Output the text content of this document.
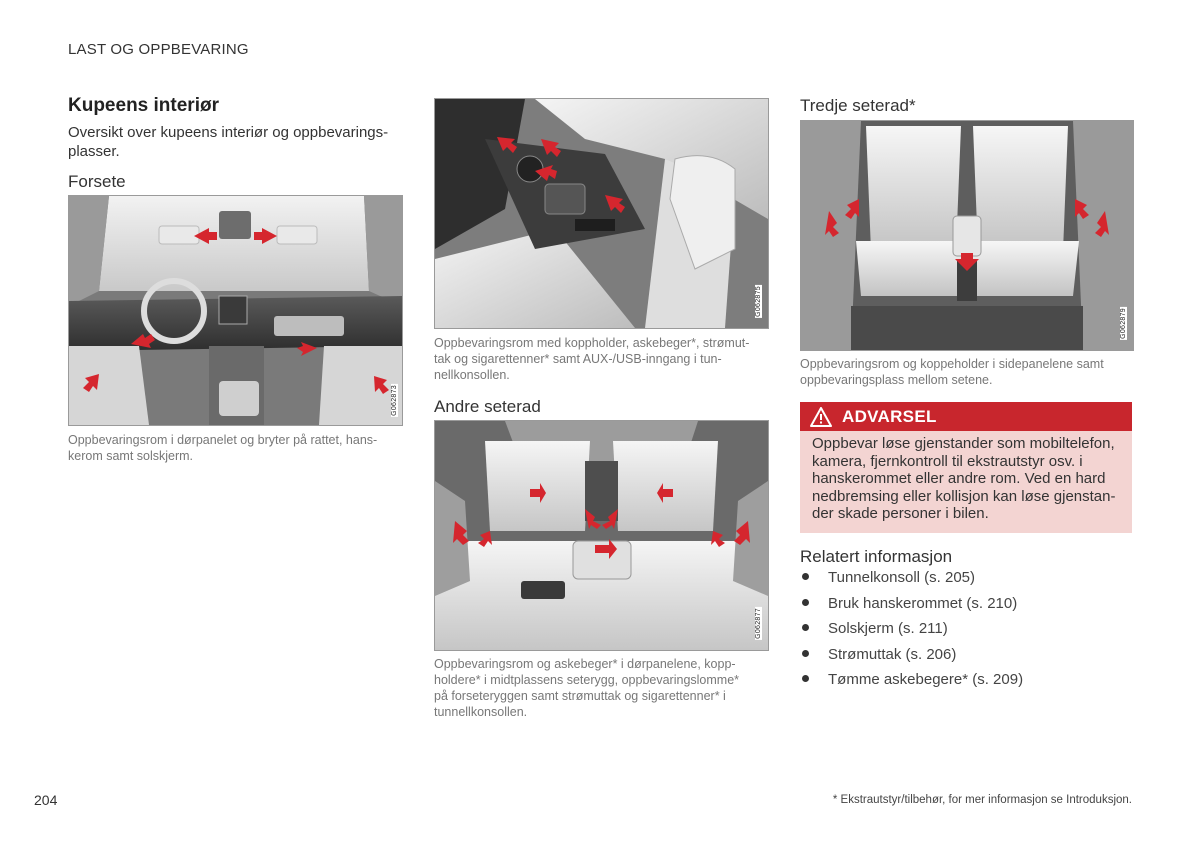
LAST OG OPPBEVARING
Kupeens interiør
Oversikt over kupeens interiør og oppbevarings-
plasser.
Forsete
G062873
Oppbevaringsrom i dørpanelet og bryter på rattet, hans-
kerom samt solskjerm.
G062875
Oppbevaringsrom med koppholder, askebeger*, strømut-
tak og sigarettenner* samt AUX-/USB-inngang i tun-
nellkonsollen.
Andre seterad
G062877
Oppbevaringsrom og askebeger* i dørpanelene, kopp-
holdere* i midtplassens seterygg, oppbevaringslomme*
på forseteryggen samt strømuttak og sigarettenner* i
tunnellkonsollen.
Tredje seterad*
G062879
Oppbevaringsrom og koppeholder i sidepanelene samt
oppbevaringsplass mellom setene.
ADVARSEL
Oppbevar løse gjenstander som mobiltelefon,
kamera, fjernkontroll til ekstrautstyr osv. i
hanskerommet eller andre rom. Ved en hard
nedbremsing eller kollisjon kan løse gjenstan-
der skade personer i bilen.
Relatert informasjon
Tunnelkonsoll (s. 205)
Bruk hanskerommet (s. 210)
Solskjerm (s. 211)
Strømuttak (s. 206)
Tømme askebegere* (s. 209)
204	* Ekstrautstyr/tilbehør, for mer informasjon se Introduksjon.
